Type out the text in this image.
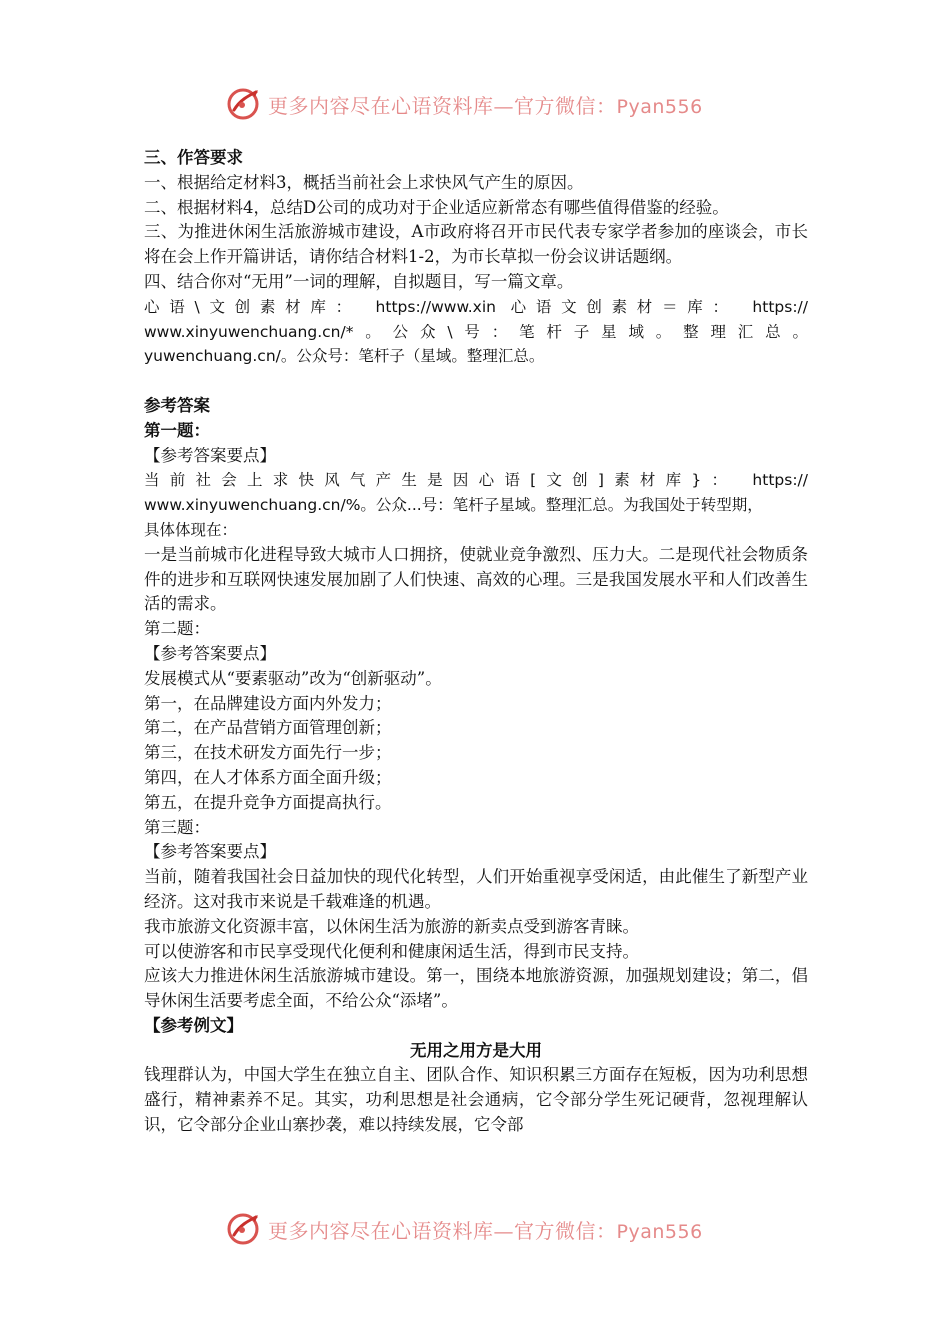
更多内容尽在心语资料库—官方微信：Pyan556

三、作答要求

一、根据给定材料3，概括当前社会上求快风气产生的原因。

二、根据材料4，总结D公司的成功对于企业适应新常态有哪些值得借鉴的经验。

三、为推进休闲生活旅游城市建设，A市政府将召开市民代表专家学者参加的座谈会，市长将在会上作开篇讲话，请你结合材料1-2，为市长草拟一份会议讲话题纲。

四、结合你对“无用”一词的理解，自拟题目，写一篇文章。

心语\文创素材库： https://www.xin 心语文创素材＝库： https://

www.xinyuwenchuang.cn/*。公众\号：笔杆子星域。整理汇总。

yuwenchuang.cn/。公众号：笔杆子（星域。整理汇总。

参考答案

第一题：

【参考答案要点】

当前社会上求快风气产生是因心语[文创]素材库}： https://

www.xinyuwenchuang.cn/%。公众...号：笔杆子星域。整理汇总。为我国处于转型期，

具体体现在：

一是当前城市化进程导致大城市人口拥挤，使就业竞争激烈、压力大。二是现代社会物质条件的进步和互联网快速发展加剧了人们快速、高效的心理。三是我国发展水平和人们改善生活的需求。

第二题：

【参考答案要点】

发展模式从“要素驱动”改为“创新驱动”。

第一，在品牌建设方面内外发力；

第二，在产品营销方面管理创新；

第三，在技术研发方面先行一步；

第四，在人才体系方面全面升级；

第五，在提升竞争方面提高执行。

第三题：

【参考答案要点】

当前，随着我国社会日益加快的现代化转型，人们开始重视享受闲适，由此催生了新型产业经济。这对我市来说是千载难逢的机遇。

我市旅游文化资源丰富，以休闲生活为旅游的新卖点受到游客青睐。

可以使游客和市民享受现代化便利和健康闲适生活，得到市民支持。

应该大力推进休闲生活旅游城市建设。第一，围绕本地旅游资源，加强规划建设；第二，倡导休闲生活要考虑全面，不给公众“添堵”。

【参考例文】

无用之用方是大用

钱理群认为，中国大学生在独立自主、团队合作、知识积累三方面存在短板，因为功利思想盛行，精神素养不足。其实，功利思想是社会通病，它令部分学生死记硬背，忽视理解认识，它令部分企业山寨抄袭，难以持续发展，它令部

更多内容尽在心语资料库—官方微信：Pyan556
